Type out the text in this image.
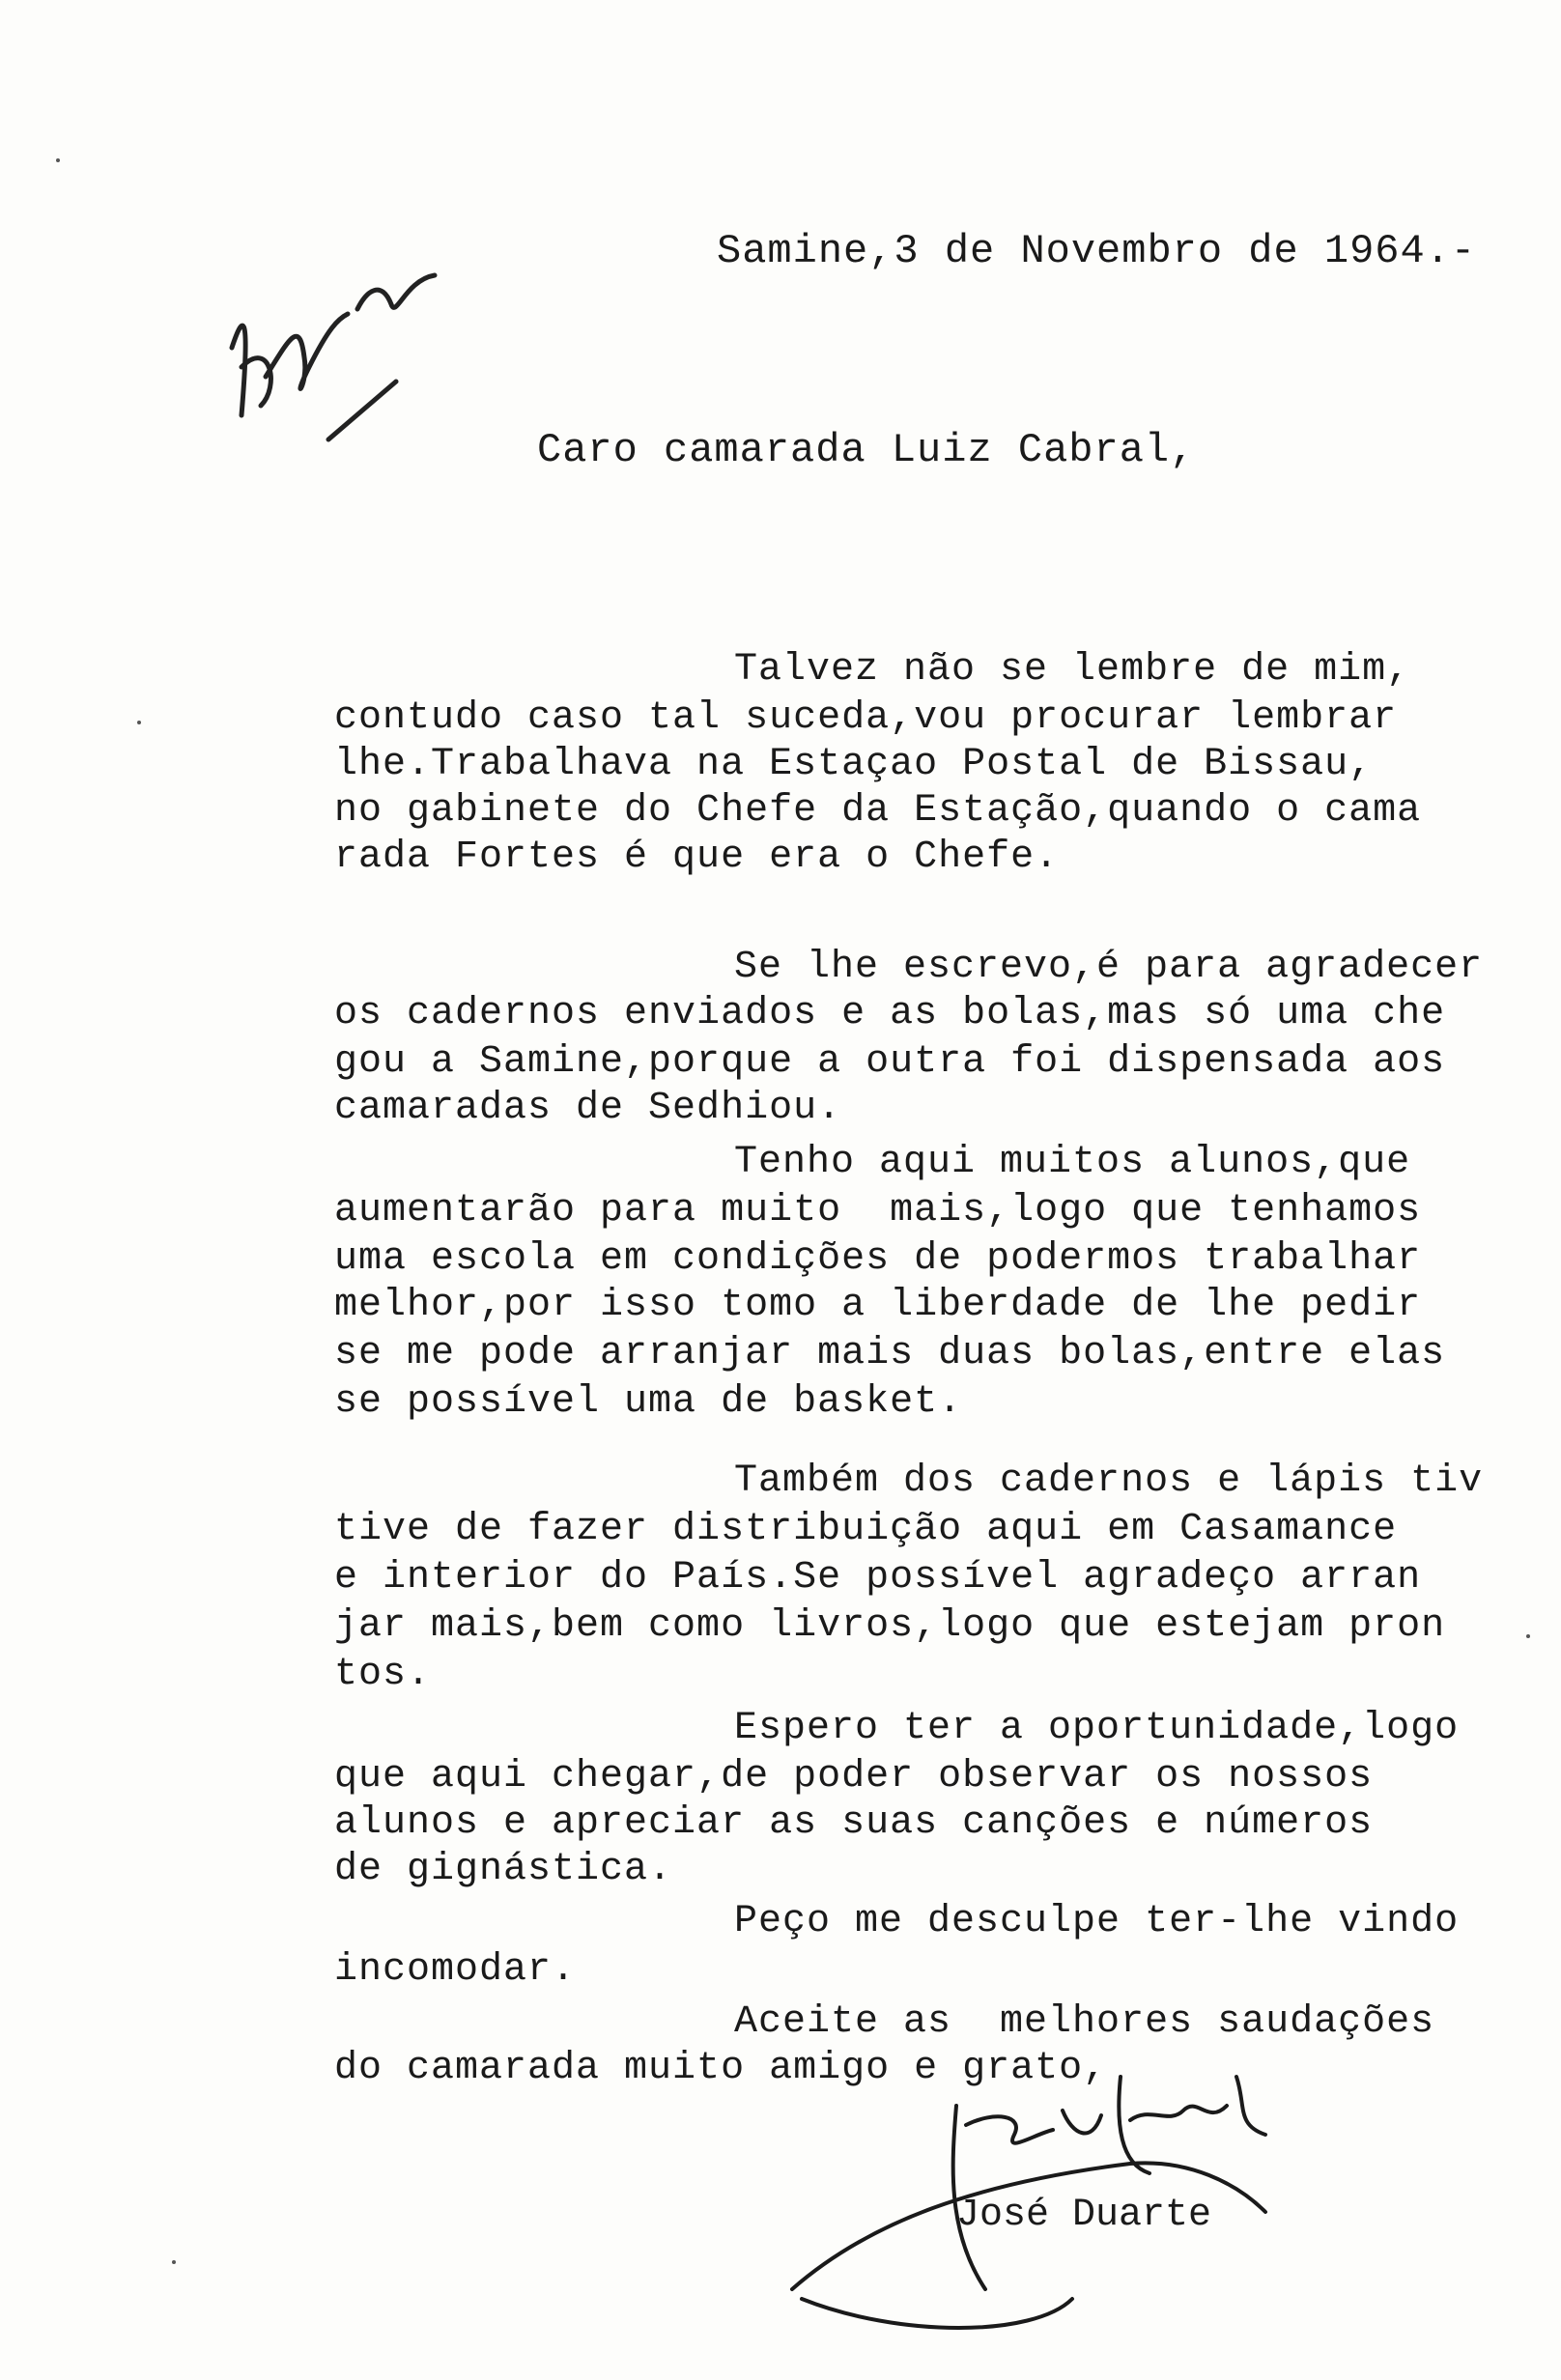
Samine,3 de Novembro de 1964.-
Caro camarada Luiz Cabral,
Talvez não se lembre de mim,
contudo caso tal suceda,vou procurar lembrar
lhe.Trabalhava na Estaçao Postal de Bissau,
no gabinete do Chefe da Estação,quando o cama
rada Fortes é que era o Chefe.
Se lhe escrevo,é para agradecer
os cadernos enviados e as bolas,mas só uma che
gou a Samine,porque a outra foi dispensada aos
camaradas de Sedhiou.
Tenho aqui muitos alunos,que
aumentarão para muito  mais,logo que tenhamos
uma escola em condições de podermos trabalhar
melhor,por isso tomo a liberdade de lhe pedir
se me pode arranjar mais duas bolas,entre elas
se possível uma de basket.
Também dos cadernos e lápis tiv
tive de fazer distribuição aqui em Casamance
e interior do País.Se possível agradeço arran
jar mais,bem como livros,logo que estejam pron
tos.
Espero ter a oportunidade,logo
que aqui chegar,de poder observar os nossos
alunos e apreciar as suas canções e números
de gignástica.
Peço me desculpe ter-lhe vindo
incomodar.
Aceite as  melhores saudações
do camarada muito amigo e grato,
José Duarte
